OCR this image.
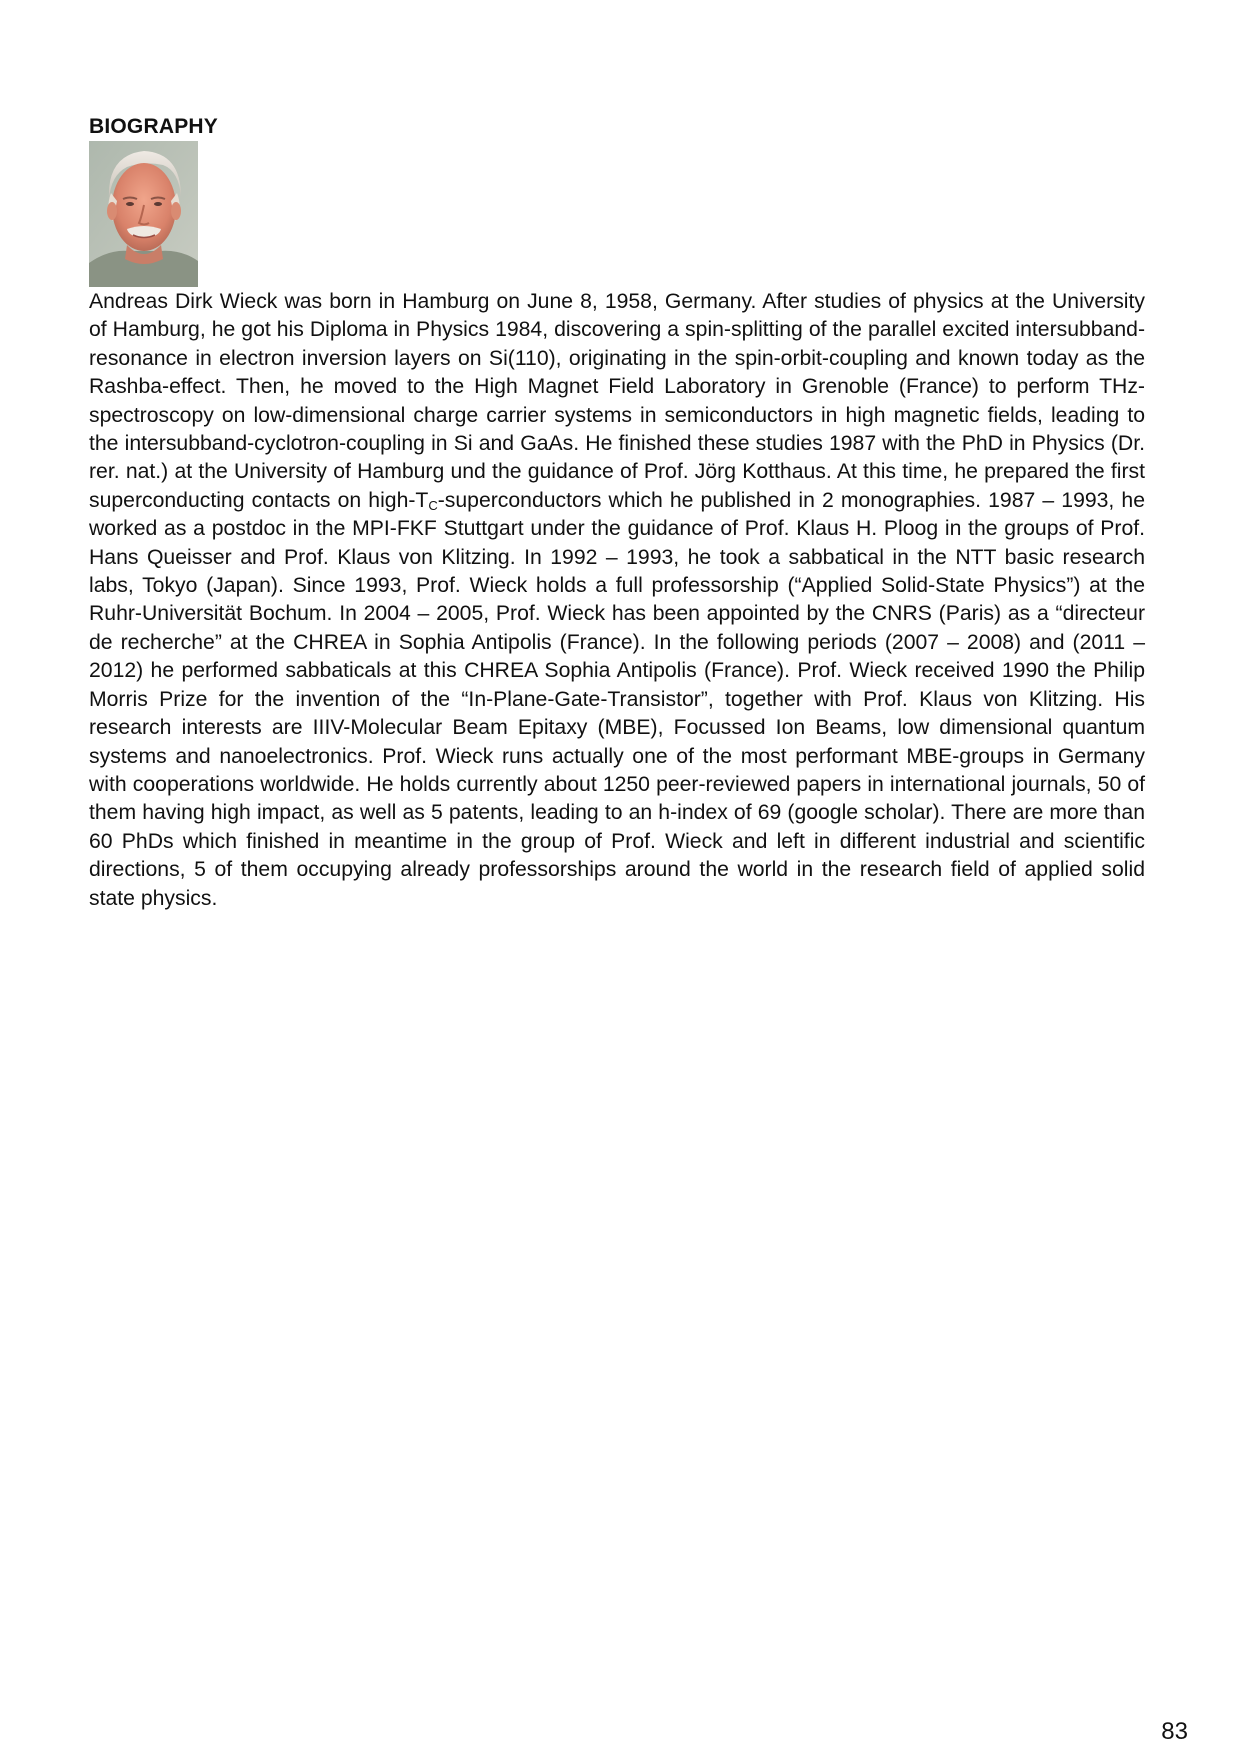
BIOGRAPHY

Andreas Dirk Wieck was born in Hamburg on June 8, 1958, Germany. After studies of physics at the University of Hamburg, he got his Diploma in Physics 1984, discovering a spin-splitting of the parallel excited intersubband-resonance in electron inversion layers on Si(110), originating in the spin-orbit-coupling and known today as the Rashba-effect. Then, he moved to the High Magnet Field Laboratory in Grenoble (France) to perform THz-spectroscopy on low-dimensional charge carrier systems in semiconductors in high magnetic fields, leading to the intersubband-cyclotron-coupling in Si and GaAs. He finished these studies 1987 with the PhD in Physics (Dr. rer. nat.) at the University of Hamburg und the guidance of Prof. Jörg Kotthaus. At this time, he prepared the first superconducting contacts on high-$T_C$-superconductors which he published in 2 monographies. 1987 – 1993, he worked as a postdoc in the MPI-FKF Stuttgart under the guidance of Prof. Klaus H. Ploog in the groups of Prof. Hans Queisser and Prof. Klaus von Klitzing. In 1992 – 1993, he took a sabbatical in the NTT basic research labs, Tokyo (Japan). Since 1993, Prof. Wieck holds a full professorship (“Applied Solid-State Physics”) at the Ruhr-Universität Bochum. In 2004 – 2005, Prof. Wieck has been appointed by the CNRS (Paris) as a “directeur de recherche” at the CHREA in Sophia Antipolis (France). In the following periods (2007 – 2008) and (2011 – 2012) he performed sabbaticals at this CHREA Sophia Antipolis (France). Prof. Wieck received 1990 the Philip Morris Prize for the invention of the “In-Plane-Gate-Transistor”, together with Prof. Klaus von Klitzing. His research interests are IIIV-Molecular Beam Epitaxy (MBE), Focussed Ion Beams, low dimensional quantum systems and nanoelectronics. Prof. Wieck runs actually one of the most performant MBE-groups in Germany with cooperations worldwide. He holds currently about 1250 peer-reviewed papers in international journals, 50 of them having high impact, as well as 5 patents, leading to an h-index of 69 (google scholar). There are more than 60 PhDs which finished in meantime in the group of Prof. Wieck and left in different industrial and scientific directions, 5 of them occupying already professorships around the world in the research field of applied solid state physics.

83
